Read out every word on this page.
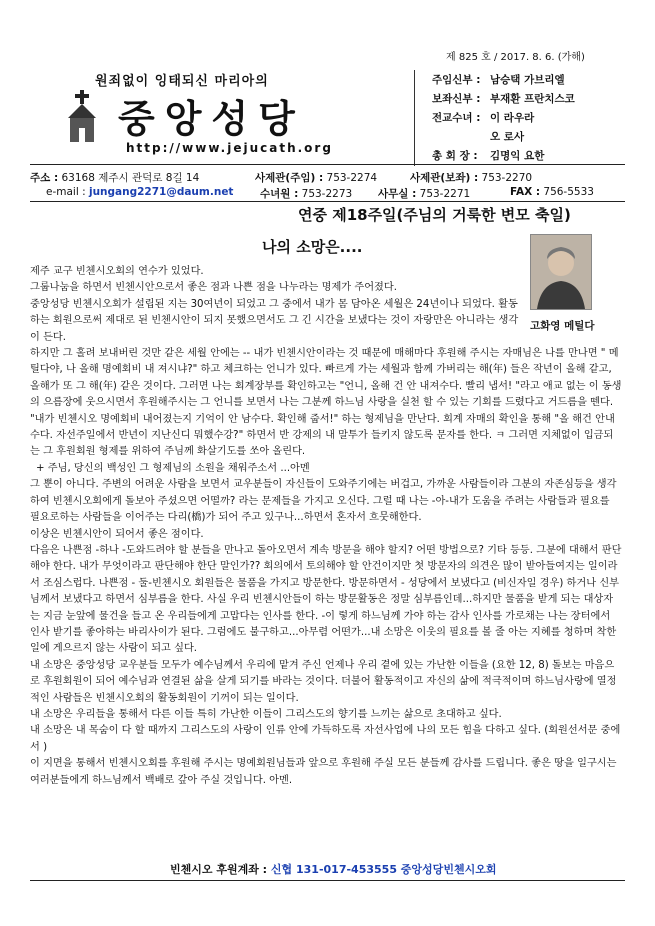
제 825 호 / 2017. 8. 6. (가해)
원죄없이 잉태되신 마리아의
중앙성당
http://www.jejucath.org
주임신부 : 남승택 가브리엘
보좌신부 : 부재환 프란치스코
전교수녀 : 이 라우라
오 로사
총 회 장 : 김명익 요한
주소 : 63168 제주시 관덕로 8길 14	사제관(주임) : 753-2274	사제관(보좌) : 753-2270
e-mail : jungang2271@daum.net	수녀원 : 753-2273 사무실 : 753-2271	FAX : 756-5533
연중 제18주일(주님의 거룩한 변모 축일)
나의 소망은....
고화영 메틸다

제주 교구 빈첸시오회의 연수가 있었다.

그룹나눔을 하면서 빈첸시안으로서 좋은 점과 나쁜 점을 나누라는 명제가 주어졌다.

중앙성당 빈첸시오회가 설립된 지는 30여년이 되었고 그 중에서 내가 몸 담아온 세월은 24년이나 되었다. 활동하는 회원으로써 제대로 된 빈첸시안이 되지 못했으면서도 그 긴 시간을 보냈다는 것이 자랑만은 아니라는 생각이 든다.

하지만 그 홀려 보내버린 것만 같은 세월 안에는 -- 내가 빈첸시안이라는 것 때문에 매해마다 후원해 주시는 자매님은 나를 만나면 " 메틸다야, 나 올해 명예회비 내 져시냐?" 하고 체크하는 언니가 있다. 빠르게 가는 세월과 함께 가버리는 해(年) 들은 작년이 올해 같고, 올해가 또 그 해(年) 같은 것이다. 그러면 나는 회계장부를 확인하고는 "언니, 올해 건 안 내져수다. 빨리 냅서! "라고 애교 없는 이 동생의 으름장에 웃으시면서 후원해주시는 그 언니를 보면서 나는 그분께 하느님 사랑을 실천 할 수 있는 기회를 드렸다고 거드름을 뗀다.

"내가 빈첸시오 명예회비 내어졌는지 기억이 안 남수다. 확인해 줍서!" 하는 형제님을 만난다. 회계 자매의 확인을 통해 "올 해건 안내수다. 자선주일에서 반년이 지난신디 뭐했수강?" 하면서 반 강제의 내 말투가 들키지 않도록 문자를 한다. ㅋ 그러면 지체없이 입금되는 그 후원회원 형제를 위하여 주님께 화살기도를 쏘아 올린다.

+ 주님, 당신의 백성인 그 형제님의 소원을 채워주소서 ...아멘

그 뿐이 아니다. 주변의 어려운 사람을 보면서 교우분들이 자신들이 도와주기에는 버겁고, 가까운 사람들이라 그분의 자존심등을 생각하여 빈첸시오회에게 돌보아 주셨으면 어떨까? 라는 문제들을 가지고 오신다. 그럴 때 나는 -아-내가 도움을 주려는 사람들과 필요를 필요로하는 사람들을 이어주는 다리(橋)가 되어 주고 있구나...하면서 혼자서 흐뭇해한다.

이상은 빈첸시안이 되어서 좋은 점이다.

다음은 나쁜점 -하나 -도와드려야 할 분들을 만나고 돌아오면서 계속 방문을 해야 할지? 어떤 방법으로? 기타 등등. 그분에 대해서 판단해야 한다. 내가 무엇이라고 판단해야 한단 말인가?? 회의에서 토의해야 할 안건이지만 첫 방문자의 의견은 많이 받아들여지는 일이라서 조심스럽다. 나쁜점 - 둘-빈첸시오 회원들은 물품을 가지고 방문한다. 방문하면서 - 성당에서 보냈다고 (비신자일 경우) 하거나 신부님께서 보냈다고 하면서 심부름을 한다. 사실 우리 빈첸시안들이 하는 방문활동은 정말 심부름인데...하지만 물품을 받게 되는 대상자는 지금 눈앞에 물건을 들고 온 우리들에게 고맙다는 인사를 한다. -이 렇게 하느님께 가야 하는 감사 인사를 가로채는 나는 장터에서 인사 받기를 좋아하는 바리사이가 된다. 그럼에도 불구하고...아무렴 어떤가...내 소망은 이웃의 필요를 볼 줄 아는 지혜를 청하며 착한 일에 게으르지 않는 사람이 되고 싶다.

내 소망은 중앙성당 교우분들 모두가 예수님께서 우리에 맡겨 주신 언제나 우리 곁에 있는 가난한 이들을 (요한 12, 8) 돌보는 마음으로 후원회원이 되어 예수님과 연결된 삶을 살게 되기를 바라는 것이다. 더불어 활동적이고 자신의 삶에 적극적이며 하느님사랑에 열정적인 사람들은 빈첸시오회의 활동회원이 기꺼이 되는 일이다.

내 소망은 우리들을 통해서 다른 이들 특히 가난한 이들이 그리스도의 향기를 느끼는 삶으로 초대하고 싶다.

내 소망은 내 목숨이 다 할 때까지 그리스도의 사랑이 인류 안에 가득하도록 자선사업에 나의 모든 힘을 다하고 싶다. (회원선서문 중에서 )

이 지면을 통해서 빈첸시오회를 후원해 주시는 명예회원님들과 앞으로 후원해 주실 모든 분들께 감사를 드립니다. 좋은 땅을 일구시는 여러분들에게 하느님께서 백배로 갚아 주실 것입니다. 아멘.

빈첸시오 후원계좌 : 신협 131-017-453555 중앙성당빈첸시오회
